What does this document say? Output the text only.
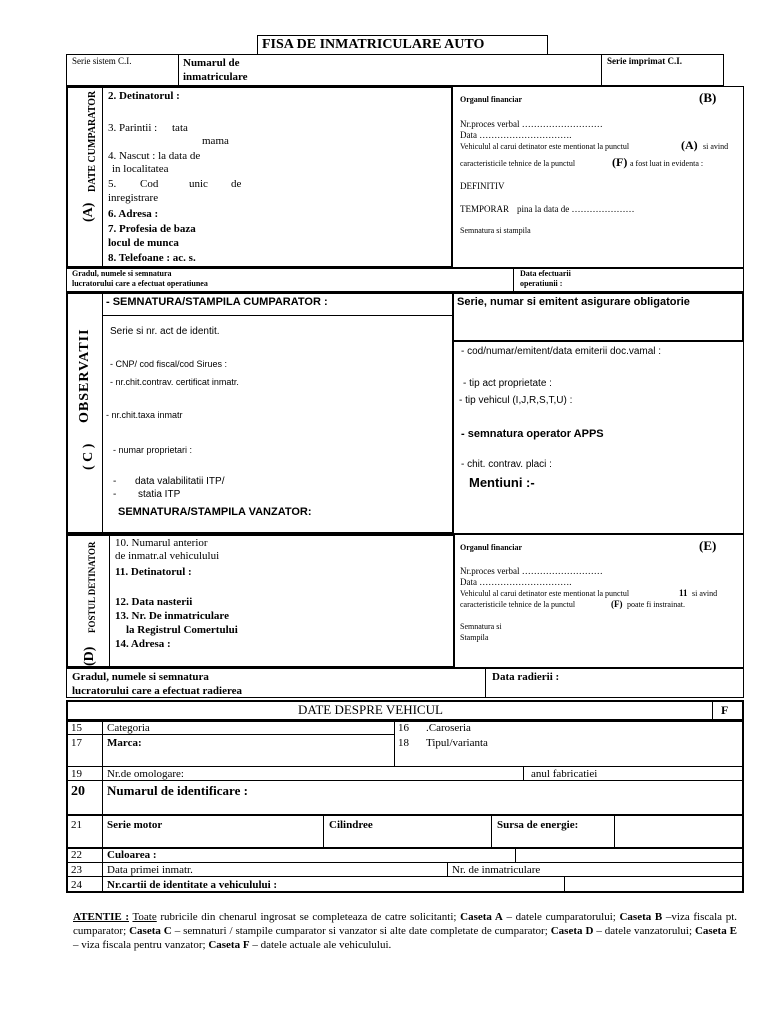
FISA DE INMATRICULARE AUTO
Serie sistem C.I.	Numarul de
inmatriculare
Serie imprimat C.I.
DATE CUMPARATOR
(A)
2. Detinatorul :
3. Parintii : tata
mama
4. Nascut : la data de
in localitatea
5. Cod	unic de
inregistrare
6. Adresa :
7. Profesia de baza
locul de munca
8. Telefoane : ac. s.
(B)
Organul financiar
Nr.proces verbal ………………………
Data ………………………….
Vehiculul al carui detinator este mentionat la punctul	(A) si avind
caracteristicile tehnice de la punctul	(F) a fost luat in evidenta :
DEFINITIV
TEMPORAR pina la data de …………………
Semnatura si stampila
Gradul, numele si semnatura
lucratorului care a efectuat operatiunea
Data efectuarii
operatiunii :
OBSERVATII
( C )
- SEMNATURA/STAMPILA CUMPARATOR :
Serie si nr. act de identit.
- CNP/ cod fiscal/cod Sirues :
- nr.chit.contrav. certificat inmatr.
- nr.chit.taxa inmatr
- numar proprietari :
- data valabilitatii ITP/
- statia ITP
SEMNATURA/STAMPILA VANZATOR:
Serie, numar si emitent asigurare obligatorie
- cod/numar/emitent/data emiterii doc.vamal :
- tip act proprietate :
- tip vehicul (I,J,R,S,T,U) :
- semnatura operator APPS
- chit. contrav. placi :
Mentiuni :-
FOSTUL DETINATOR
(D)
10. Numarul anterior
de inmatr.al vehiculului
11. Detinatorul :
12. Data nasterii
13. Nr. De inmatriculare
la Registrul Comertului
14. Adresa :
(E)
Organul financiar
Nr.proces verbal ………………………
Data ………………………….
Vehiculul al carui detinator este mentionat la punctul	11 si avind
caracteristicile tehnice de la punctul	(F) poate fi instrainat.
Semnatura si
Stampila
Gradul, numele si semnatura
lucratorului care a efectuat radierea
Data radierii :
DATE DESPRE VEHICUL	F
15 Categoria	16 .Caroseria
17 Marca:	18 Tipul/varianta
19 Nr.de omologare:	anul fabricatiei
20 Numarul de identificare :
21 Serie motor	Cilindree	Sursa de energie:
22 Culoarea :
23 Data primei inmatr.	Nr. de inmatriculare
24 Nr.cartii de identitate a vehiculului :
ATENTIE : Toate rubricile din chenarul ingrosat se completeaza de catre solicitanti; Caseta A – datele cumparatorului; Caseta B –viza fiscala pt. cumparator; Caseta C – semnaturi / stampile cumparator si vanzator si alte date completate de cumparator; Caseta D – datele vanzatorului; Caseta E – viza fiscala pentru vanzator; Caseta F – datele actuale ale vehiculului.
